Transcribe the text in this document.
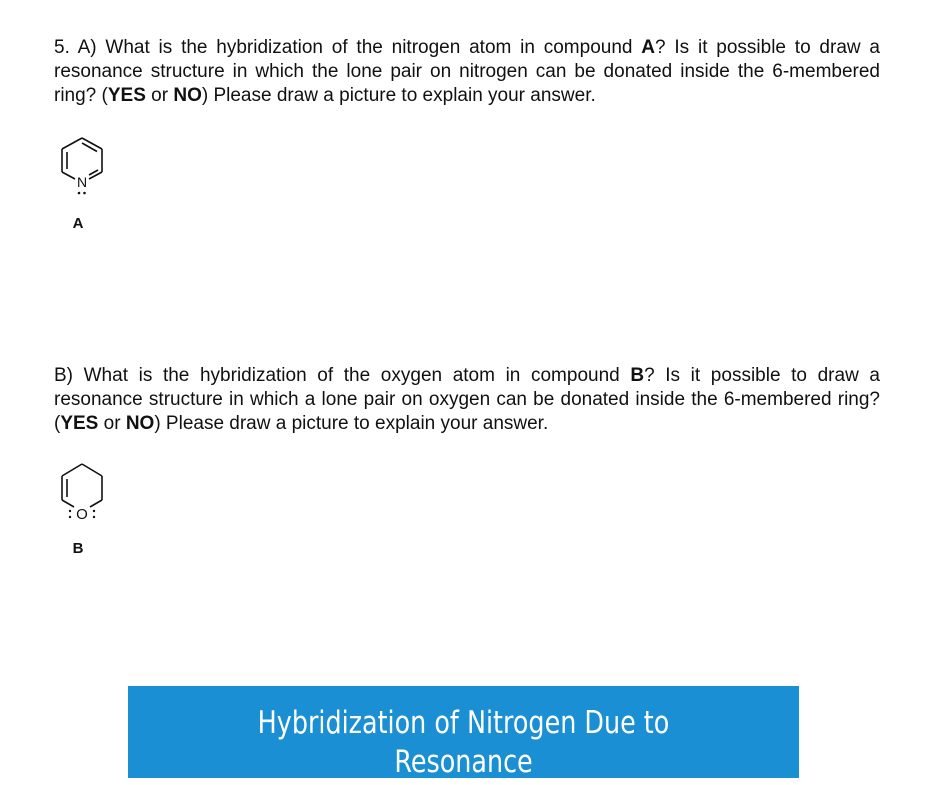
5. A) What is the hybridization of the nitrogen atom in compound A? Is it possible to draw a resonance structure in which the lone pair on nitrogen can be donated inside the 6-membered ring? (YES or NO) Please draw a picture to explain your answer.
N
A
B) What is the hybridization of the oxygen atom in compound B? Is it possible to draw a resonance structure in which a lone pair on oxygen can be donated inside the 6-membered ring? (YES or NO) Please draw a picture to explain your answer.
O
B
Hybridization of Nitrogen Due to Resonance
